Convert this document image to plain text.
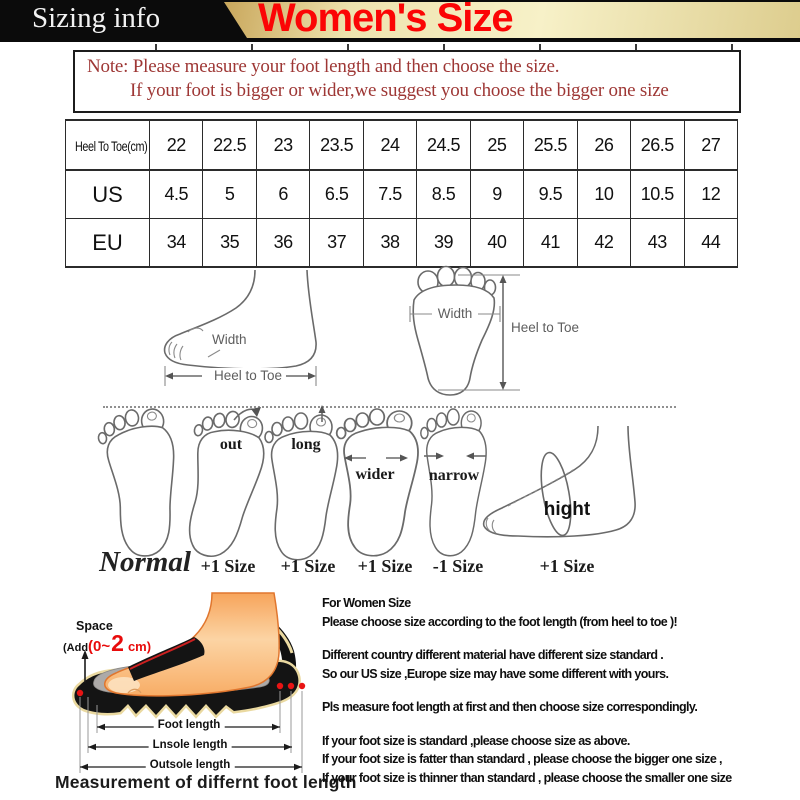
Sizing info Women's Size
Note: Please measure your foot length and then choose the size.
If your foot is bigger or wider,we suggest you choose the bigger one size
Heel To Toe(cm)	22	22.5	23	23.5	24	24.5	25	25.5	26	26.5	27
US	4.5	5	6	6.5	7.5	8.5	9	9.5	10	10.5	12
EU	34	35	36	37	38	39	40	41	42	43	44
Width
Heel to Toe
Width
Heel to Toe
out	long
wider narrow
hight
Normal +1 Size +1 Size +1 Size -1 Size	+1 Size
Space
(Add (0~ 2 cm)
Foot length
Lnsole length
Outsole length
Measurement of differnt foot length
For Women Size
Please choose size according to the foot length (from heel to toe )!
Different country different material have different size standard .
So our US size ,Europe size may have some different with yours.
Pls measure foot length at first and then choose size correspondingly.
If your foot size is standard ,please choose size as above.
If your foot size is fatter than standard , please choose the bigger one size ,
If your foot size is thinner than standard , please choose the smaller one size
